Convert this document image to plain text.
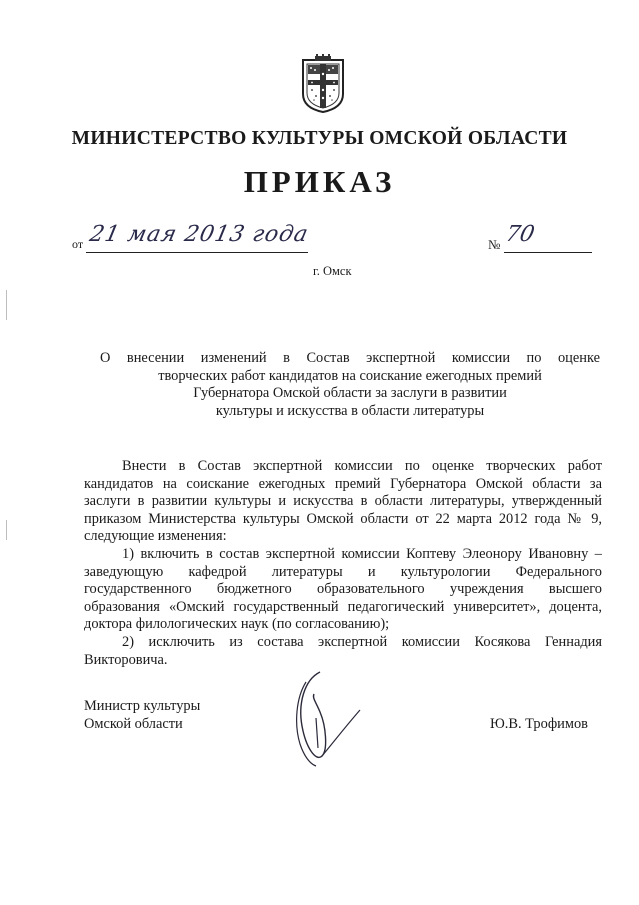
МИНИСТЕРСТВО КУЛЬТУРЫ ОМСКОЙ ОБЛАСТИ
ПРИКАЗ
от 21 мая 2013 года	№ 70
г. Омск
О внесении изменений в Состав экспертной комиссии по оценке
творческих работ кандидатов на соискание ежегодных премий
Губернатора Омской области за заслуги в развитии
культуры и искусства в области литературы
Внести в Состав экспертной комиссии по оценке творческих работ
кандидатов на соискание ежегодных премий Губернатора Омской области за
заслуги в развитии культуры и искусства в области литературы, утвержденный
приказом Министерства культуры Омской области от 22 марта 2012 года № 9,
следующие изменения:
1) включить в состав экспертной комиссии Коптеву Элеонору Ивановну –
заведующую кафедрой литературы и культурологии Федерального
государственного бюджетного образовательного учреждения высшего
образования «Омский государственный педагогический университет», доцента,
доктора филологических наук (по согласованию);
2) исключить из состава экспертной комиссии Косякова Геннадия
Викторовича.
Министр культуры
Омской области	Ю.В. Трофимов
